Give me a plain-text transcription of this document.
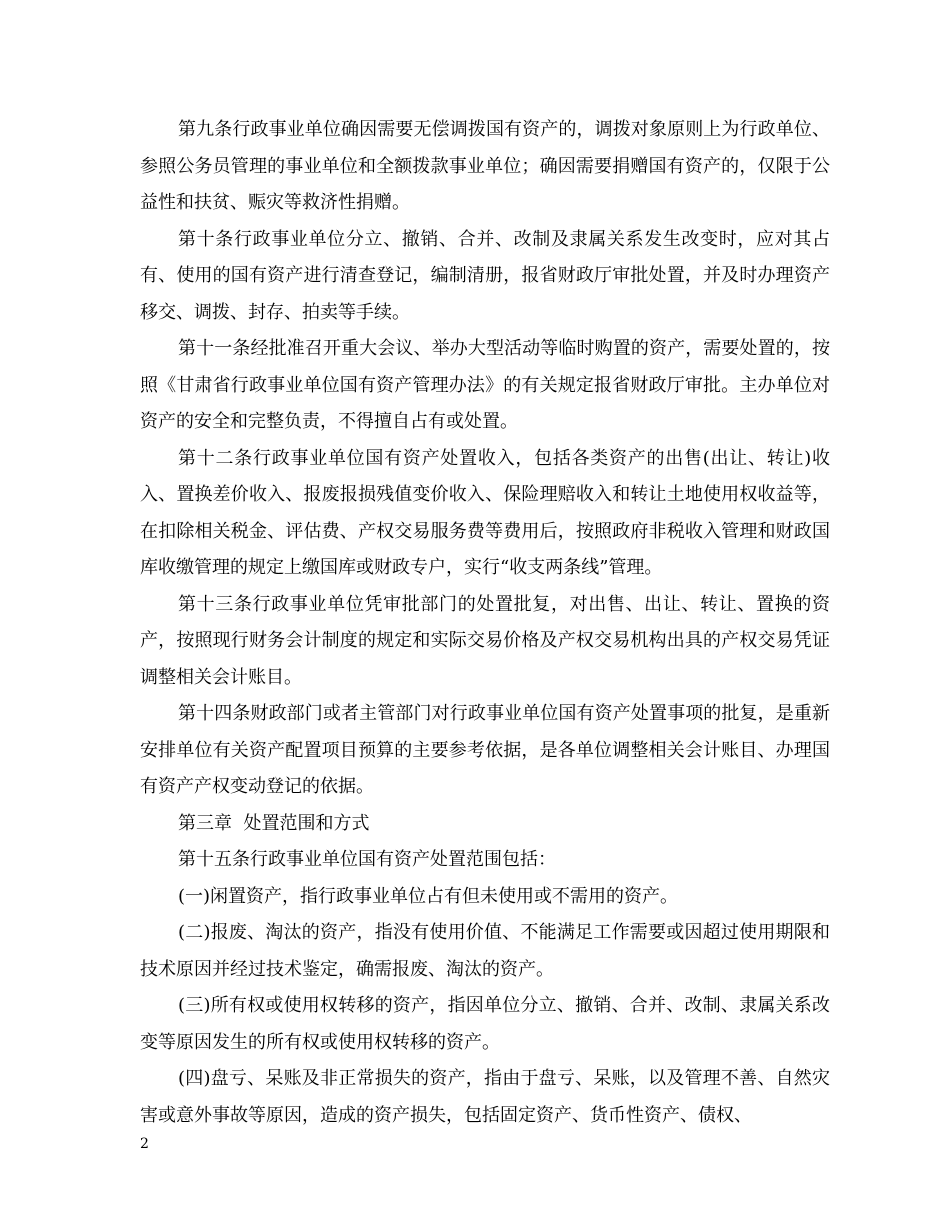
第九条行政事业单位确因需要无偿调拨国有资产的，调拨对象原则上为行政单位、参照公务员管理的事业单位和全额拨款事业单位；确因需要捐赠国有资产的，仅限于公益性和扶贫、赈灾等救济性捐赠。

第十条行政事业单位分立、撤销、合并、改制及隶属关系发生改变时，应对其占有、使用的国有资产进行清查登记，编制清册，报省财政厅审批处置，并及时办理资产移交、调拨、封存、拍卖等手续。

第十一条经批准召开重大会议、举办大型活动等临时购置的资产，需要处置的，按照《甘肃省行政事业单位国有资产管理办法》的有关规定报省财政厅审批。主办单位对资产的安全和完整负责，不得擅自占有或处置。

第十二条行政事业单位国有资产处置收入，包括各类资产的出售(出让、转让)收入、置换差价收入、报废报损残值变价收入、保险理赔收入和转让土地使用权收益等，在扣除相关税金、评估费、产权交易服务费等费用后，按照政府非税收入管理和财政国库收缴管理的规定上缴国库或财政专户，实行“收支两条线”管理。

第十三条行政事业单位凭审批部门的处置批复，对出售、出让、转让、置换的资产，按照现行财务会计制度的规定和实际交易价格及产权交易机构出具的产权交易凭证调整相关会计账目。

第十四条财政部门或者主管部门对行政事业单位国有资产处置事项的批复，是重新安排单位有关资产配置项目预算的主要参考依据，是各单位调整相关会计账目、办理国有资产产权变动登记的依据。

第三章  处置范围和方式

第十五条行政事业单位国有资产处置范围包括：

(一)闲置资产，指行政事业单位占有但未使用或不需用的资产。

(二)报废、淘汰的资产，指没有使用价值、不能满足工作需要或因超过使用期限和技术原因并经过技术鉴定，确需报废、淘汰的资产。

(三)所有权或使用权转移的资产，指因单位分立、撤销、合并、改制、隶属关系改变等原因发生的所有权或使用权转移的资产。

(四)盘亏、呆账及非正常损失的资产，指由于盘亏、呆账，以及管理不善、自然灾害或意外事故等原因，造成的资产损失，包括固定资产、货币性资产、债权、

2
